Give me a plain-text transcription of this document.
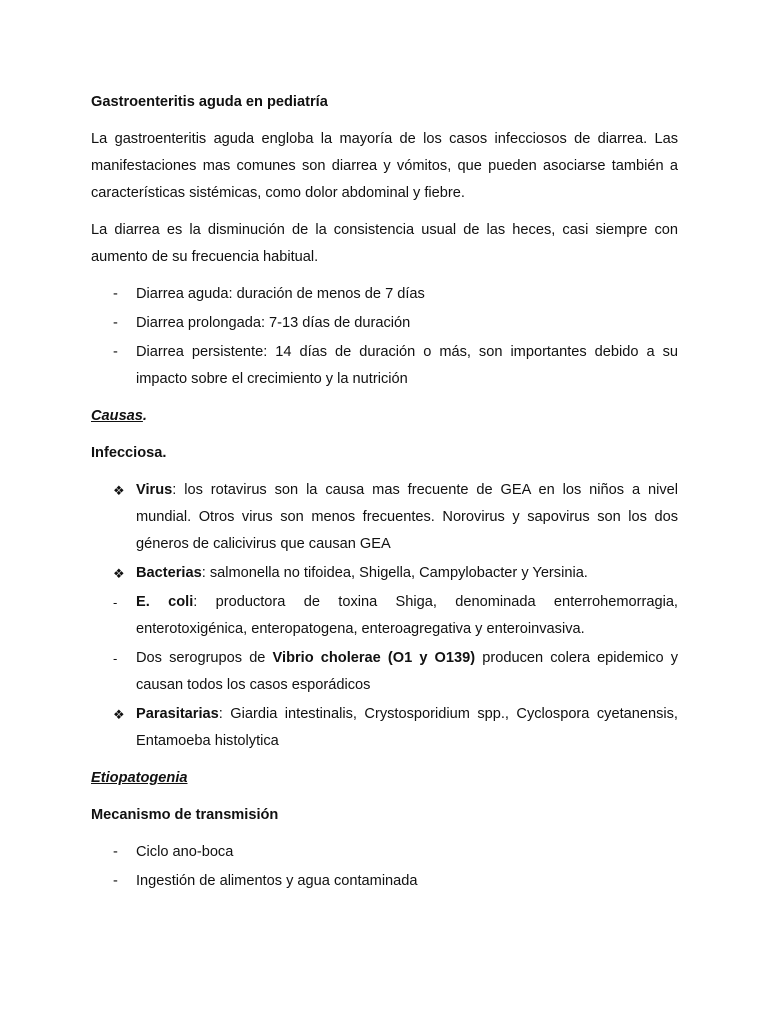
Gastroenteritis aguda en pediatría

La gastroenteritis aguda engloba la mayoría de los casos infecciosos de diarrea. Las manifestaciones mas comunes son diarrea y vómitos, que pueden asociarse también a características sistémicas, como dolor abdominal y fiebre.

La diarrea es la disminución de la consistencia usual de las heces, casi siempre con aumento de su frecuencia habitual.

- Diarrea aguda: duración de menos de 7 días
- Diarrea prolongada: 7-13 días de duración
- Diarrea persistente: 14 días de duración o más, son importantes debido a su impacto sobre el crecimiento y la nutrición

Causas.

Infecciosa.

❖ Virus: los rotavirus son la causa mas frecuente de GEA en los niños a nivel mundial. Otros virus son menos frecuentes. Norovirus y sapovirus son los dos géneros de calicivirus que causan GEA
❖ Bacterias: salmonella no tifoidea, Shigella, Campylobacter y Yersinia.
- E. coli: productora de toxina Shiga, denominada enterrohemorragia, enterotoxigénica, enteropatogena, enteroagregativa y enteroinvasiva.
- Dos serogrupos de Vibrio cholerae (O1 y O139) producen colera epidemico y causan todos los casos esporádicos
❖ Parasitarias: Giardia intestinalis, Crystosporidium spp., Cyclospora cyetanensis, Entamoeba histolytica

Etiopatogenia

Mecanismo de transmisión

- Ciclo ano-boca
- Ingestión de alimentos y agua contaminada
